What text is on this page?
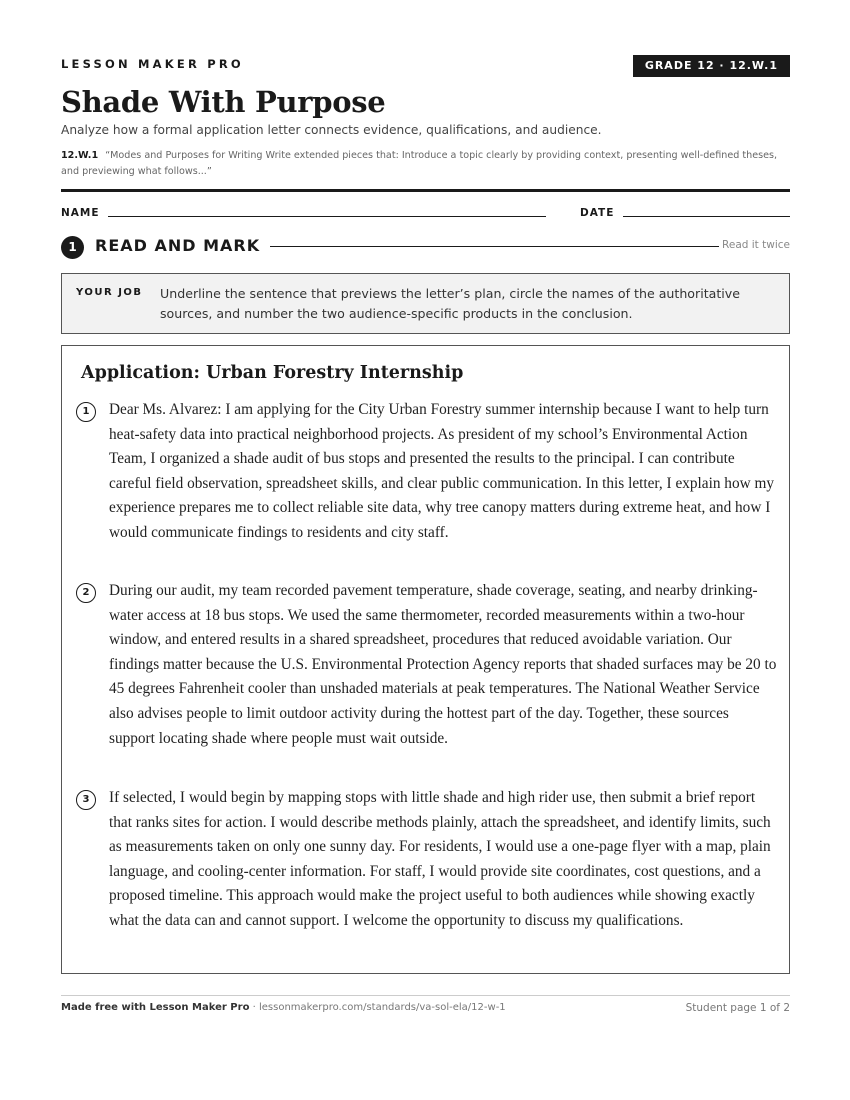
LESSON MAKER PRO	GRADE 12 · 12.W.1
Shade With Purpose
Analyze how a formal application letter connects evidence, qualifications, and audience.
12.W.1 “Modes and Purposes for Writing Write extended pieces that: Introduce a topic clearly by providing context, presenting well-defined theses, and previewing what follows...”
NAME	DATE
1	READ AND MARK	Read it twice
YOUR JOB Underline the sentence that previews the letter’s plan, circle the names of the authoritative sources, and number the two audience-specific products in the conclusion.
Application: Urban Forestry Internship
1	Dear Ms. Alvarez: I am applying for the City Urban Forestry summer internship because I want to help turn heat-safety data into practical neighborhood projects. As president of my school’s Environmental Action Team, I organized a shade audit of bus stops and presented the results to the principal. I can contribute careful field observation, spreadsheet skills, and clear public communication. In this letter, I explain how my experience prepares me to collect reliable site data, why tree canopy matters during extreme heat, and how I would communicate findings to residents and city staff.
2	During our audit, my team recorded pavement temperature, shade coverage, seating, and nearby drinking-water access at 18 bus stops. We used the same thermometer, recorded measurements within a two-hour window, and entered results in a shared spreadsheet, procedures that reduced avoidable variation. Our findings matter because the U.S. Environmental Protection Agency reports that shaded surfaces may be 20 to 45 degrees Fahrenheit cooler than unshaded materials at peak temperatures. The National Weather Service also advises people to limit outdoor activity during the hottest part of the day. Together, these sources support locating shade where people must wait outside.
3	If selected, I would begin by mapping stops with little shade and high rider use, then submit a brief report that ranks sites for action. I would describe methods plainly, attach the spreadsheet, and identify limits, such as measurements taken on only one sunny day. For residents, I would use a one-page flyer with a map, plain language, and cooling-center information. For staff, I would provide site coordinates, cost questions, and a proposed timeline. This approach would make the project useful to both audiences while showing exactly what the data can and cannot support. I welcome the opportunity to discuss my qualifications.
Made free with Lesson Maker Pro · lessonmakerpro.com/standards/va-sol-ela/12-w-1	Student page 1 of 2
